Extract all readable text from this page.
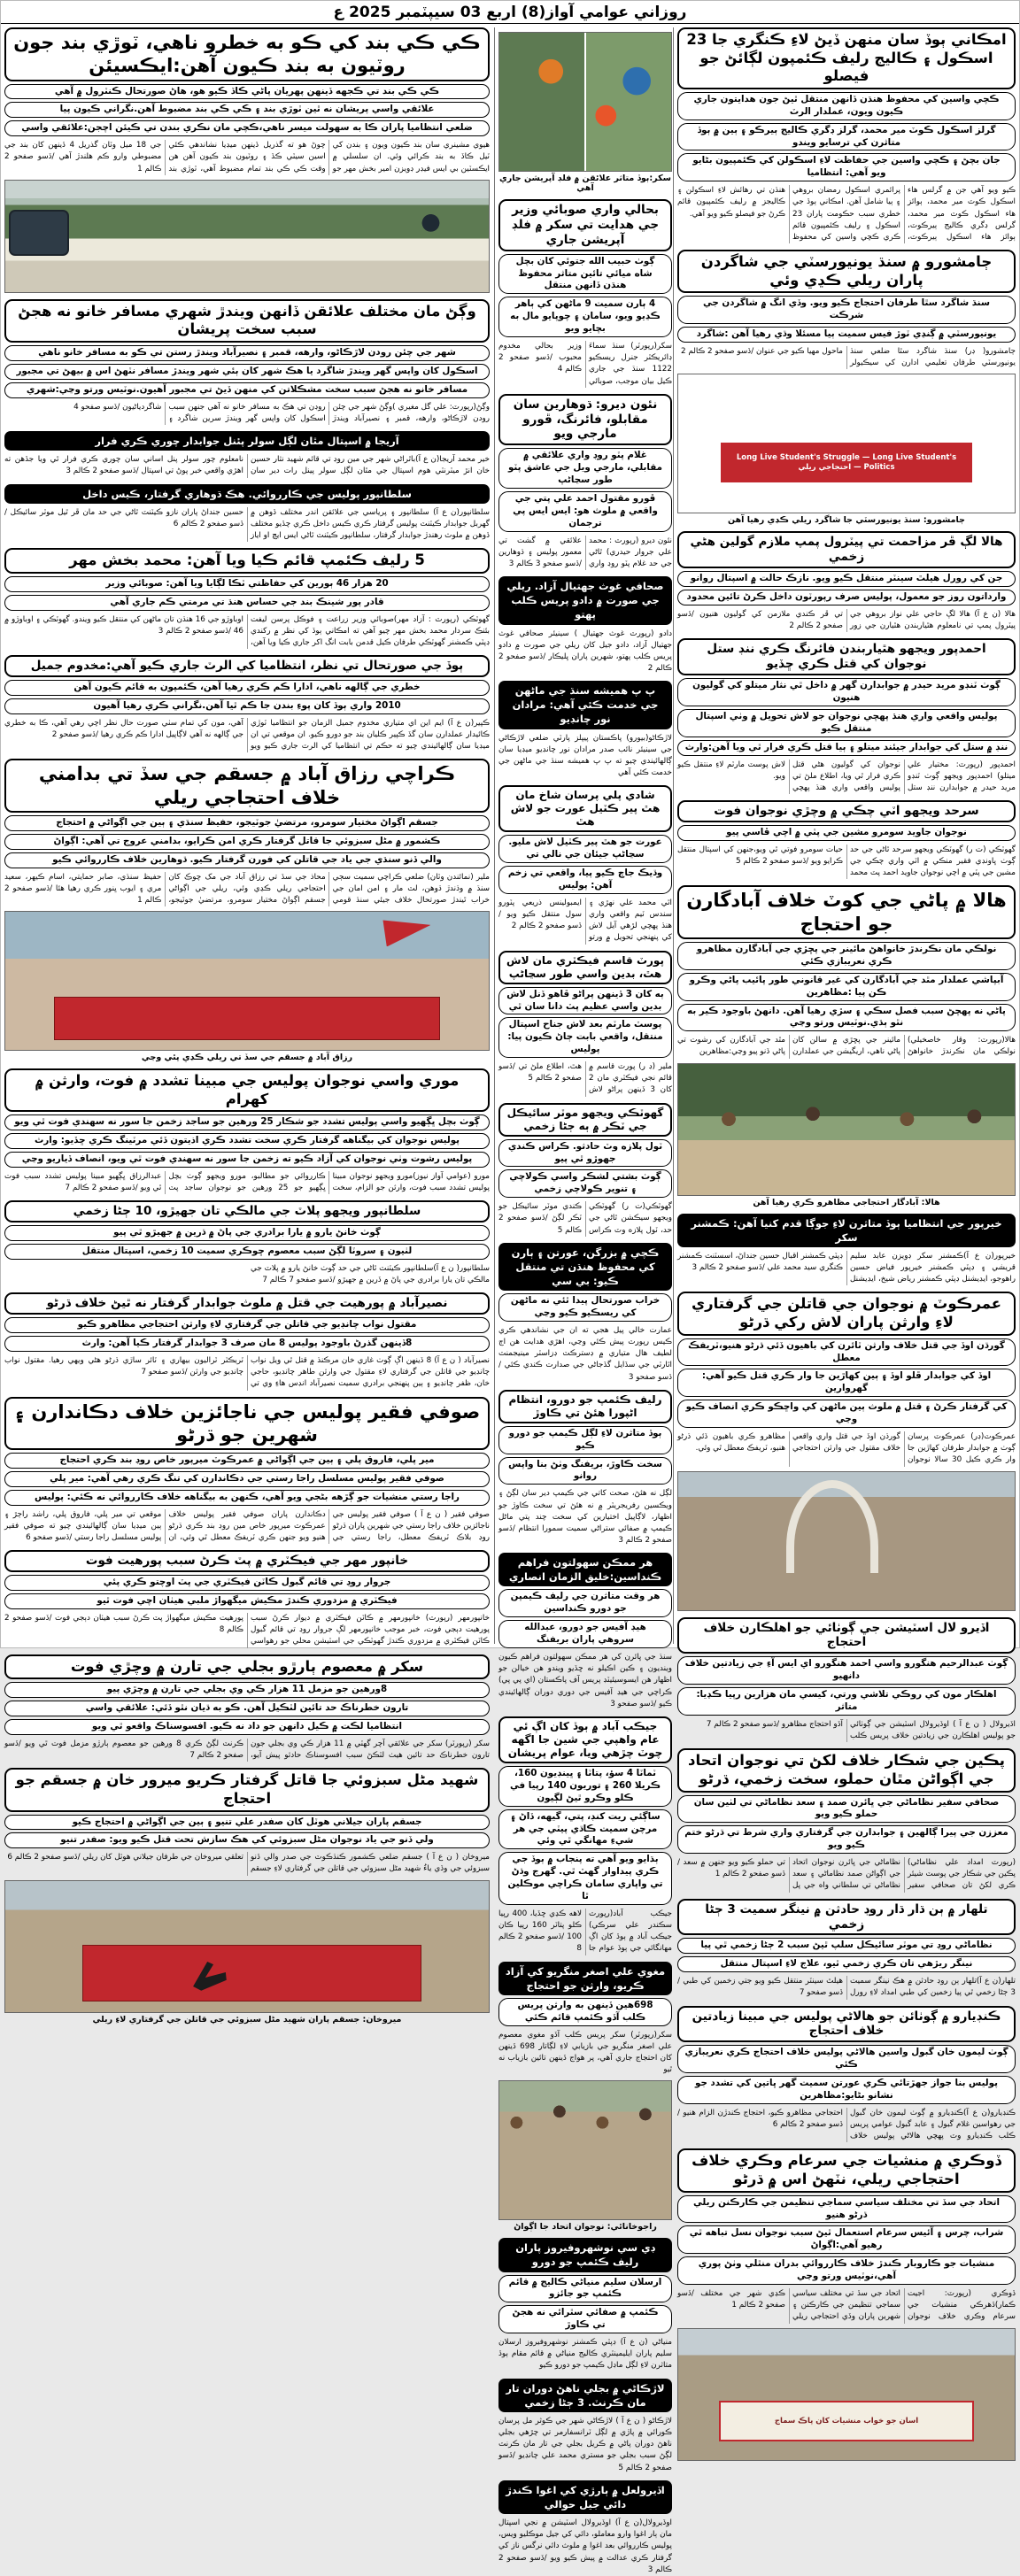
روزاني عوامي آواز(8) اربع 03 سيپٽمبر 2025 ع
امڪاني ٻوڏ سان منهن ڏيڻ لاءِ ڪنگري جا 23 اسڪول ۽ ڪاليج رليف ڪئمپون لڳائڻ جو فيصلو
ڪچي واسين کي محفوظ هنڌن ڏانهن منتقل ٿيڻ جون هدايتون جاري ڪيون ويون، عملدار الرٽ
گرلز اسڪول ڪوٽ مير محمد، گرلز ڊگري ڪاليج ٻيرڪو ۽ ٻين ۾ ٻوڏ متاثرن کي ترسايو ويندو
جان بچڻ ۽ ڪچي واسين جي حفاظت لاءِ اسڪولن کي ڪئمپيون بڻايو ويو آهي: انتظاميا
ڪيو ويو آهي جن ۾ گرلس هاء اسڪول ڪوٽ مير محمد، ٻوائز هاء اسڪول ڪوٽ مير محمد، گرلس ڊگري ڪاليج ٻيرڪوٽ، ٻوائز هاء اسڪول ٻيرڪوٽ، پرائمري اسڪول رمضان بروهي ۽ ٻيا شامل آهن. امڪاني ٻوڏ جي خطري سبب حڪومت پاران 23 اسڪول ۽ رليف ڪئمپيون قائم ڪري ڪچي واسين کي محفوظ هنڌن تي رهائش لاءِ اسڪولن ۽ ڪاليجز ۾ رليف ڪئمپيون قائم ڪرڻ جو فيصلو ڪيو ويو آهي.
ڄامشورو ۾ سنڌ يونيورسٽي جي شاگردن پاران ريلي ڪڍي وئي
سنڌ شاگرد سٿا طرفان احتجاج ڪيو ويو. وڏي انگ ۾ شاگردن جي شرڪت
يونيورسٽي ۾ ڳنڍي ٽوڙ فيس سميت ٻيا مسئلا وڌي رهيا آهن :شاگرد
ڄامشورو( ڊر) سنڌ شاگرد سٿا ضلعي سنڌ يونيورسٽي طرفان تعليمي ادارن کي سيڪيولر ماحول مهيا ڪيو جي عنوان /ڏسو صفحو 2 ڪالم 2
Long Live Student's Struggle — Long Live Student's Politics — احتجاجي ريلي
ڄامشورو: سنڌ يونيورسٽي جا شاگرد ريلي ڪڍي رهيا آهن
هالا لڳ ڦر مزاحمت تي پيٽرول پمپ ملازم گولين هڻي زخمي
جن کي رورل هيلٿ سينٽر منتقل ڪيو ويو. نازڪ حالت ۾ اسپتال روانو
وارداتون روز جو معمول، پوليس صرف رپورٽون داخل ڪرڻ تائين محدود
هالا (ن ع آ) هالا لڳ حاجي علي نواز بروهي جي پيٽرول پمپ تي نامعلوم هٿياربندن هٿيارن جي زور تي ڦر ڪندي ملازمن کي گوليون هنيون /ڏسو صفحو 2 ڪالم 2
احمدپور ويجهو هٿياربندن فائرنگ ڪري ننڊ ستل نوجوان کي قتل ڪري ڇڏيو
ڳوٺ ٽنڊو مريد حيدر ۾ جوابدارن گهر ۾ داخل ٿي نثار ميتلو کي گوليون هنيون
پوليس واقعي واري هنڌ پهچي نوجوان جو لاش تحويل ۾ وٺي اسپتال منتقل ڪيو
ننڊ ۾ ستل کي جوابدار جيئند ميتلو ۽ ٻيا قتل ڪري فرار ٿي ويا آهن:وارث
احمدپور (رپورٽ: مختيار علي ميتلو) احمدپور ويجهو ڳوٺ ٽنڊو مريد حيدر ۾ جوابدارن ننڊ ستل نوجوان کي گوليون هڻي قتل ڪري فرار ٿي ويا، اطلاع ملڻ تي پوليس واقعي واري هنڌ پهچي لاش پوسٽ مارٽم لاءِ منتقل ڪيو ويو.
سرحد ويجهو اٽي چڪي ۾ وچڙي نوجوان فوت
نوجوان جاويد سومرو مشين جي پٽي ۾ اچي ڦاسي پيو
گهوٽڪي (ت ر) گهوٽڪي ويجهو سرحد ٿاڻي جي حد ڳوٺ ڀاونڊي فقير منڪي ۾ اٽي واري چڪي جي مشين جي پٽي ۾ اچي نوجوان جاويد احمد پٽ محمد حيات سومرو فوتي ٿي ويو،جنهن کي اسپتال منتقل ڪرايو ويو /ڏسو صفحو 2 ڪالم 5
هالا ۾ پاڻي جي کوٽ خلاف آبادگارن جو احتجاج
نولڪي مان نڪرندڙ خانواهڻ مائينر جي پڇڙي جي آبادگارن مظاهرو ڪري نعريبازي ڪئي
آبپاشي عملدار مٿد جي آبادگارن کي غير قانوني طور پائيب پاڻي وڪرو ڪن پيا :مظاهرين
پاڻي نه پهچڻ سبب فصل سڪي ۽ سڙي رهيا آهن. دانهڻ باوجود ڪير به نٿو ٻڌي.نوٽيس ورتو وڃي
هالا(رپورٽ: وقار خاصخيلي) نولڪي مان نڪرندڙ خانواهڻ مائينر جي پڇڙي ۾ سالن کان پاڻي ناهي، اريگيشن جي عملدارن مٿد جي آبادگارن کي رشوت تي پاڻي ڏنو پيو وڃي:مظاهرين
هالا: آبادگار احتجاجي مظاهرو ڪري رهيا آهن
خيرپور جي انتظاميا ٻوڏ متاثرن لاءِ جوڳا قدم کنيا آهن: ڪمشنر سکر
خيرپور(ن ع آ)ڪمشنر سکر ڊويزن عابد سليم قريشي ۽ ڊپٽي ڪمشنر خيرپور فياض حسين راهوجو، ايڊيشنل ڊپٽي ڪمشنر رياض شيخ، ايڊيشنل ڊپٽي ڪمشنر اقبال حسين جنداڻ، اسسٽنٽ ڪمشنر ڪنگري سيد محمد علي /ڏسو صفحو 2 ڪالم 3
عمرڪوٽ ۾ نوجوان جي قاتلن جي گرفتاري لاءِ وارثن پاران لاش رکي ڌرڻو
گورڌن اوڏ جي قتل خلاف وارثن ٽائرن کي باهيون ڏئي ڌرڻو هنيو،ٽريفڪ معطل
اوڏ کي جوابدار ڦلو اوڏ ۽ ٻين کهاڙين جا وار ڪري قتل ڪيو آهي: گهروارين
کي گرفتار ڪرڻ ۽ قتل ۾ ملوث ٻين ماڻهن کي واڇڪو ڪري انصاف ڪيو وڃي
عمرڪوٽ(ڊر) عمرڪوٽ پرسان ڳوٺ ۾ جوابدار طرفان کهاڙين جا وار ڪري ڪيل 30 سالا نوجوان گورڌن اوڏ جي قتل واري واقعي خلاف مقتول جي وارثن احتجاجي مظاهرو ڪري باهيون ڏئي ڌرڻو هنيو، ٽريفڪ معطل ٿي وئي.
اڏيرو لال اسٽيشن جي ڳوٺائي جو اهلڪارن خلاف احتجاج
ڳوٺ عبدالرحيم هنگورو واسي احمد هنگورو اي ايس آءِ جي زيادتين خلاف دانهيو
اهلڪار مون کي روڪي تلاشي ورتي، کيسي مان هزارين رپيا ڪڍيا: متاثر
اڏيرولال ( ن ع آ ) اوڏيرولال اسٽيشن جي ڳوٺائي جو پوليس اهلڪارن جي زيادتين خلاف پريس ڪلب آڏو احتجاج مظاهرو /ڏسو صفحو 2 ڪالم 7
پڪين جي شڪار خلاف لکڻ تي نوجوان اتحاد جي اڳواڻن مٿان حملو، سخت زخمي، ڌرڻو
صحافي سفير نظاماڻي جي ڀائرن صمد ۽ سعد نظاماڻي تي لٺين سان حملو ڪيو ويو
معززن جي پيرا ڳالهين ۽ جوابدارن جي گرفتاري واري شرط تي ڌرڻو ختم ڪيو ويو
(رپورٽ امداد علي نظاماڻي) پڪين جي شڪار جي پوسٽ شيئر ڪري لکڻ تان صحافي سفير نظاماڻي جي ڀائرن نوجوان اتحاد جي اڳواڻن صمد نظاماڻي ۽ سعد نظاماڻي تي سلطاني واه جي پل تي حملو ڪيو ويو جنهن ۾ سعد /ڏسو صفحو 2 ڪالم 1
تلهار ۾ ٻن ڌار ڌار روڊ حادثن ۾ نينگر سميت 3 ڄڻا زخمي
نظاماڻي روڊ تي موٽر سائيڪل سلپ ٿيڻ سبب 2 ڄڻا زخمي ٿي پيا
نينگر ريڙهي تان ڪري زخمي ٿيو، علاج لاءِ اسپتال منتقل
تلهار(ن ع آ)تلهار ٻن روڊ حادثن ۾ هڪ نينگر سميت 3 ڄڻا زخمي ٿي پيا زخمين کي طبي امداد لاءِ رورل هيلٿ سينٽر منتقل ڪيو ويو جتي زخمين کي طبي /ڏسو صفحو 7
ڪنڊيارو ۾ ڳوٺائن جو هالاڻي پوليس جي مبينا زيادتين خلاف احتجاج
ڳوٺ ليمون خان گبول واسين هالاڻي پوليس خلاف احتجاج ڪري نعريبازي ڪئي
پوليس بنا جواز جهڙتائي ڪري عورتن سميت گهر ڀاتين کي تشدد جو نشانو بڻايو:مظاهرين
ڪنڊيارو(ن ع آ)ڪنڊيارو ۾ ڳوٺ ليمون خان گبول جي رهواسين غلام گبول ۽ عابد گبول عوامي پريس ڪلب ڪنڊيارو وٽ پهچي هالاڻي پوليس خلاف احتجاجي مظاهرو ڪيو، احتجاج ڪندڙن الزام هنيو /ڏسو صفحو 2 ڪالم 6
ڏوڪري ۾ منشيات جي سرعام وڪري خلاف احتجاجي ريلي، نٽهڻ اس ۾ ڌرڻو
اتحاد جي سڏ تي مختلف سياسي سماجي تنظيمن جي ڪارڪنن ريلي ڌرڻو هنيو
شراب، چرس ۽ آئيس سرعام استعمال ٿيڻ سبب نوجوان نسل تباهه ٿي رهيو آهي:اڳواڻ
منشيات جو ڪاروبار ڪندڙ خلاف ڪارروائي بدران منٿلي وٺڻ پوري آهي،نوٽيس ورتو وڃي
ڏوڪري (رپورٽ: اجيت ڪمار)ڏهرڪي منشيات جي سرعام وڪري خلاف نوجوان اتحاد جي سڏ تي مختلف سياسي سماجي تنظيمن جي ڪارڪنن ۽ شهرين پاران وڏي احتجاجي ريلي ڪڍي شهر جي مختلف /ڏسو صفحو 2 ڪالم 1
اسان جو خواب منشيات کان پاڪ سماج
سکر:ٻوڏ متاثر علائقن ۾ فلڊ آپريشن جاري آهي
بحالي واري صوبائي وزير جي هدايت تي سکر ۾ فلڊ آپريشن جاري
ڳوٺ حبيب الله جتوئي کان بچل شاه ميائي تائين متاثر محفوظ هنڌن ڏانهن منتقل
4 ٻارن سميت 9 ماڻهن کي ٻاهر ڪڍيو ويو، سامان ۽ چوپايو مال به بچايو ويو
سکر(رپورٽر) سنڌ سماءَ ڊائريڪٽر جنرل ريسڪيو 1122 سنڌ جي جاري ڪيل بيان موجب، صوبائي وزير بحالي مخدوم محبوب /ڏسو صفحو 2 ڪالم 4
نئون ديرو: ڌوهارين سان مقابلو، فائرنگ، ڦورو مارجي ويو
غلام پٽو روڊ واري علائقي ۾ مقابلي، مارجي ويل جي عاشق پٽو طور سڃاڻپ
ڦورو مقتول احمد علي پتي جي واقعي ۾ ملوث هو: ايس ايس پي ترجمان
نئون ديرو (رپورٽ : محمد علي جروار حيدري) ٿاڻي جي حد غلام پٽو روڊ واري علائقي ۾ گشت تي معمور پوليس ۽ ڌوهارين /ڏسو صفحو 3 ڪالم 3
صحافي غوث جهتيال آزاد. ريلي جي صورت ۾ دادو پريس ڪلب پهتو
دادو (رپورٽ غوث جهتيال ) سينيئر صحافي غوث جهتيال آزاد، دادو جيل کان ريلي جي صورت ۾ دادو پريس ڪلب پهتو، شهرين پاران ڀليڪار /ڏسو صفحو 2 ڪالم 2
پ پ هميشه سنڌ جي ماڻهن جي خدمت ڪئي آهي: مرادان نور چانڊيو
لاڙڪاڻو(بيورو) پاڪستان پيپلز پارٽي ضلعي لاڙڪاڻي جي سينيئر نائب صدر مرادان نور چانڊيو ميڊيا سان ڳالهائيندي چيو ته پ پ هميشه سنڌ جي ماڻهن جي خدمت ڪئي آهي
شادي پلي پرسان شاخ مان هٿ پير ڪٽيل عورت جو لاش هٿ
عورت جو هٿ پير ڪٽيل لاش مليو. سڃاڻپ جيئان جي نالي تي
وڌيڪ جاچ ڪيو پيا، واقعي تي زخم آهن: پوليس
اٿي محمد علي نهڙي ۽ سندس ٽيم واقعي واري هنڌ پهچي لڙهي آيل لاش کي پنهنجي تحويل ۾ ورتو ايمبولينس ذريعي پٽورو سول منتقل ڪيو ويو /ڏسو صفحو 2 ڪالم 2
پورٽ قاسم فيڪٽري مان لاش هٿ، بدين واسي طور سڃاڻپ
ٻه کان 3 ڏينهن پراڻو ڦاهو ڏنل لاش بدين واسي عظيم پٽ دانا سان ٿي
پوسٽ مارٽم بعد لاش جناح اسپتال منتقل، واقعي بابت ڄاڻ ڪيون پيا: پوليس
ملير (ڊ ر) پورٽ قاسم ۾ قائم نجي فيڪٽري مان 2 کان 3 ڏينهن پراڻو لاش هٿ، اطلاع ملڻ تي /ڏسو صفحو 2 ڪالم 5
گهوٽڪي ويجهو موٽر سائيڪل جي ٽڪر ۾ ٻه ڄڻا زخمي
ٽول پلازه وٽ حادثو. ڪراس ڪندي جهوڙو ٿي پيو
ڳوٺ بشتي لشڪر واسي ڪولاچي ۽ تنوير ڪولاچي زخمي
گهوٽڪي(ت ر) گهوٽڪي ويجهو سيڪشن ٿاڻي جي حد، ٽول پلازه وٽ ڪراس ڪندي موٽر سائيڪل جو ٽڪر لڳڻ /ڏسو صفحو 2 ڪالم 5
ڪچي ۾ بزرگن، عورتن ۽ ٻارن کي محفوظ هنڌن تي منتقل ڪيو: بي سي
خراب صورتحال پيدا ٿئي نه ماڻهن کي ريسڪيو ڪيو وڃي
عمارت خالي پيل هجي ته ان جي نشاندهي ڪري ڪيس رپورٽ پيش ڪئي وڃي، اهڙي هدايت هن اڄ لطيف هال متياري ۾ ڊسترڪٽ ڊزاسٽر مينيجمنٽ اٿارٽي جي سڏايل گڏجاڻي جي صدارت ڪندي ڪئي /ڏسو صفحو 3
رليف ڪئمپ جو دورو، انتظام اڻپورا هئڻ تي ڪاوڙ
ٻوڏ متاثرن لاءِ لڳل ڪيمپ جو دورو ڪيو
سخت ڪاوڙ، بريفنگ وٺڻ بنا واپس روانو
لڳل نه هئڻ، صحت کاتي جي ڪيمپ دير سان لڳڻ ۽ ويڪسين رفريجريٽر ۾ نه هئڻ تي سخت ڪاوڙ جو اظهار، لاڳاپيل اختيارين کي سخت چند پتي ماڻل ڪيمپ ۾ صفائي ستراڻي سميت سمورا انتظام /ڏسو صفحو 2 ڪالم 3
هر ممڪن سهولتون فراهم ڪنداسين:خليق الزمان انصاري
هر وقت متاثرن جي رليف ڪيمپن جو دورو ڪنداسين
هيڊ آفيس جو دورو، عبدالله سروهي پاران بريفنگ
سنڌ جي ڀائرن کي هر ممڪن سهولتون فراهم ڪيون وينديون ۽ ڪين اڪيلو نه ڇڏيو ويندو هن خيالن جو اظهار هن ايسوسيئيٽڊ پريس آف پاڪستان (اي پي پي) ڪراچي جي هيڊ آفيس جي دوري دوران ڳالهائيندي ڪيو /ڏسو صفحو 3
جيڪب آباد ۾ ٻوڏ کان اڳ ئي عام واهپي جي شين جا اگهه چوٽ چڙهي ويا، عوام پريشان
ٽماٽا 4 سؤ، پتاٽا ۽ ڀينڊيون 160، ڪريلا 260 ۽ توريون 140 رپيا في ڪلو وڪرو ٿيڻ لڳيون
ساڳئي ريت کنڊ، پتي، گيهه، ڏاڻ ۽ مرچن سميت ڪاڌي پيٽي جي هر شيءِ مهانگي ٿي وئي
ٻڌايو ويو آهي ته پنجاب ۾ ٻوڏ جي ڪري پيداوار گهٽ ٿي. گهرج وڌڻ تي واپاري سامان ڪراچي موڪلين ٿا
جيڪب آباد(رپورٽ سڪندر علي سرڪي) جيڪب آباد ۾ ٻوڏ کان اڳ مهانگائي جي ٻوڏ عوام جا لاهه ڪڍي ڇڏيا، 400 رپيا ڪلو پتاٽر 160 رپيا ڪان 100 /ڏسو صفحو 2 ڪالم 8
مغوي علي اصغر منگريو کي آزاد ڪريو، وارثن جو احتجاج
698هين ڏينهن به وارثن پريس ڪلب آڏو ڪئمپ قائم ڪئي
سکر(رپورٽر) سکر پريس ڪلب آڏو مغوي معصوم علي اصغر منگريو جي بازيابي لاءِ لڳاتار 698 ڏينهن کان احتجاج جاري آهي، پر هواج ڏينهن تائين بازياب نه ٿيو
راجوخانائي: نوجوان اتحاد جا اڳواڻ
ڊي سي نوشهروفيروز پاران رليف ڪئمپ جو دورو
ارسلان سليم منياڻي ڪاليج ۾ قائم ڪئمپ جو جائزو
ڪئمپ ۾ صفائي سٿرائي نه هجڻ تي ڪاوڙ
منياڻي (ن ع آ) ڊپٽي ڪمشنر نوشهروفيروز ارسلان سليم پاران ايليمينٽري ڪاليج منياڻي ۾ قائم مقام ٻوڏ متاثرن لاءِ لڳل ماڊل ڪيمپ جو دورو ڪيو
لاڙڪاڻي ۾ بجلي ناهڻ دوران تار مان ڪرنٽ. 3 ڄڻا زخمي
لاڙڪاڻو ( ن ع آ ) لاڙڪاڻي شهر جي ڪوثر مل پرسان ڪورائي ۾ پاڙي ۾ لڳل ٽرانسفارمر تي چڙهي بجلي ناهڻ دوران پاڻي ۾ ڪريل بجلي جي تار مان ڪرنٽ لڳڻ سبب بجلي جو مستري محمد علي چانڊيو /ڏسو صفحو 2 ڪالم 5
اڏيرولعل ۾ ٻارڙي کي اغوا ڪندڙ دائي جيل حوالي
اوڏيرولال(ن ع آ) اوڏيرولال اسٽيشن ۾ نجي اسپتال مان ٻار اغوا وارو معاملو، دائي کي جيل موڪليو ويس، پوليس ڪارروائي بعد اغوا ۾ ملوث دائي نرگس ناز کي گرفتار ڪري عدالت ۾ پيش ڪيو ويو /ڏسو صفحو 2 ڪالم 3
ڪي ڪي بند کي ڪو به خطرو ناهي، ٽوڙي بند جون روٽيون به بند ڪيون آهن:ايڪسيئن
ڪي ڪي بند تي ڪجهه ڏينهن پهريان پاڻي ڪاڏ ڪيو هو، هاڻ صورتحال ڪنٽرول ۾ آهي
علائقي واسي پريشان نه ٿين ٽوڙي بند ۽ ڪي ڪي بند مضبوط آهن.نگراني ڪيون پيا
ضلعي انتظاميا پاران ڪا به سهولت ميسر ناهي،ڪچي مان نڪري بندن تي ڪيئن اچجن:علائقي واسي
هيوي مشينري سان بند ڪيون ويون ۽ بندن کي ٽيل ڪاڏ به بند ڪرائي وئي. ان سلسلي ۾ ايڪسٽين بي ايس فيڊر ڊويزن امير بخش مهر جو چوڻ هو ته گذريل ڏينهن ميڊيا نشاندهي ڪئي اسين سيٽي ڪڏ ۽ روٽيون بند ڪيون آهن هن وقت ڪي ڪي بند تمام مضبوط آهي، ٽوڙي بند جي 18 ميل وٽان گذريل 4 ڏينهن کان بند جي مضبوطي وارو ڪم هلندڙ آهي /ڏسو صفحو 2 ڪالم 1
وڳڻ مان مختلف علائقن ڏانهن ويندڙ شهري مسافر خانو نه هجڻ سبب سخت پريشان
شهر جي چئن رودن لاڙڪاڻو، وارهه، قمبر ۽ نصيرآباد ويندڙ رستن تي ڪو به مسافر خانو ناهي
اسڪول کان واپس گهر ويندڙ شاگرد يا هڪ شهر کان ٻئي شهر ويندڙ مسافر نٽهڻ اس ۾ بيهڻ تي مجبور
مسافر خانو نه هجڻ سبب سخت مشڪلاتن کي منهن ڏيڻ تي مجبور آهيون.نوٽيس ورتو وڃي:شهري
وڳڻ(رپورٽ: علي گل مغيري )وڳڻ شهر جي چئن رودن لاڙڪاڻو، وارهه، قمبر ۽ نصيرآباد ويندڙ روڊن تي هڪ به مسافر خانو نه آهي جنهن سبب اسڪول کان واپس گهر ويندڙ سرين شاگرد ۽ شاگردياڻيون /ڏسو صفحو 4
آريجا ۾ اسپتال مٿان لڳل سولر پئنل جوابدار چوري ڪري فرار
خير محمد آريجا(ن ع آ)باٿراڻي شهر جي مين روڊ تي قائم شهيد نثار حسين خان انڙ ميٽرنٽي هوم اسپتال جي مٿان لڳل سولر پينل رات دير سان نامعلوم چور سولر پنل اساني سان چوري ڪري فرار ٿي ويا جڏهن ته اهڙي واقعي خبر پوڻ تي اسپتال /ڏسو صفحو 2 ڪالم 3
سلطانپور پوليس جي ڪارروائي. هڪ ڌوهاري گرفتار، ڪيس داخل
سلطانپور(ن ع آ) سلطانپور ۽ پرياسي جي علائقن اندر مختلف ڏوهن ۾ گهربل جوابدار ڪيٽنٽ پوليس گرفتار ڪري ڪيس داخل ڪري چڏيو مختلف ڏوهن ۾ ملوث رهندڙ جوابدار گرفتار، سلطانپور ڪيٽنٽ ٿاڻي ايس ايچ او اياز حسين جنداڻ پاران نازو ڪيٽنٽ ٿاڻي جي حد مان ڦر ٿيل موٽر سائيڪل /ڏسو صفحو 2 ڪالم 6
5 رليف ڪئمپ قائم ڪيا ويا آهن: محمد بخش مهر
20 هزار 46 ٻورين کي حفاظتي ٽڪا لڳايا ويا آهن: صوبائي وزير
قادر پور شينڪ بند جي حساس هنڌ تي مرمتي ڪم جاري آهي
گهوٽڪي (رپورٽ : آزاد مهر)صوبائي وزير زراعت ۽ فوڪل پرسن ليفت بئنڪ سردار محمد بخش مهر چيو آهي ته امڪاني ٻوڏ کي نظر ۾ رکندي ڊپٽي ڪمشنر گهوٽڪي طرفان ڪيل قدمن بابت انگ اکر جاري ڪيا ويا آهن، اوباوڙو جي 16 هنڌن تان ماڻهن کي منتقل ڪيو ويندو. گهوٽڪي ۽ اوباوڙو ۾ 46 /ڏسو صفحو 2 ڪالم 3
ٻوڏ جي صورتحال تي نظر، انتظاميا کي الرٽ جاري ڪيو آهي:مخدوم جميل
خطري جي ڳالهه ناهي، ادارا ڪم ڪري رهيا آهن، ڪئمپون به قائم ڪيون آهن
2010 واري ٻوڏ کان پوءِ بندن جا ڪم ٿيا آهن.نگراني ڪري رهيا آهيون
ڪپير(ن ع آ) ايم اين اي متياري مخدوم جميل الزمان جو انتظاميا ٽوڙي ڪائيدار عملدارن سان گڏ ڪپير ڪليان بند جو دورو ڪيو. ان موقعي تي ان ميڊيا سان ڳالهائيندي چيو ته حڪم تي انتظاميا کي الرٽ جاري ڪيو ويو آهي، مون کي تمام سٺي صورت حال نظر اچي رهي آهي، ڪا به خطري جي ڳالهه نه آهي لاڳاپيل ادارا ڪم ڪري رهيا /ڏسو صفحو 2
ڪراچي رزاق آباد ۾ جسقم جي سڏ تي بدامني خلاف احتجاجي ريلي
جسقم اڳواڻ مختيار سومرو، مرتضيٰ جوٽيجو، حفيظ سنڌي ۽ ٻين جي اڳواڻي ۾ احتجاج
ڪشمور ۾ مڻل سبزوئي جا قاتل گرفتار ڪري امن ڪرايو، بدامني عروج تي آهي: اڳواڻ
والي ڏنو سنڌي جي ياد جي قاتلن کي فورن گرفتار ڪيو. ڌوهارين خلاف ڪارروائي ڪيو
ملير (نمائندن وٽان) ضلعي ڪراچي سميت سڄي سنڌ ۾ وڌندڙ ڌوهن، لٽ مار ۽ امن امان جي خراب ٿيندڙ صورتحال خلاف جيئي سنڌ قومي محاذ جي سڏ تي رزاق آباد جي مک چوڪ کان احتجاجي ريلي ڪڍي وئي، ريلي جي اڳواڻي جسقم اڳواڻ مختيار سومرو، مرتضيٰ جوٽيجو، حفيظ سنڌي، صابر حمايتي، اسام ڪيهر، سعيد مري ۽ ايوب ڀنور ڪري رهيا هئا /ڏسو صفحو 2 ڪالم 1
رزاق آباد ۾ جسقم جي سڏ تي ريلي ڪڍي پئي وڃي
موري واسي نوجوان پوليس جي مبينا تشدد ۾ فوت، وارثن ۾ کهرام
ڳوٺ بچل ڀڳهيو واسي پوليس تشدد جو شڪار 25 ورهين جو ساجد زخمن جا سور نه سهندي فوت ٿي ويو
پوليس نوجوان کي بيگناهه گرفتار ڪري سخت تشدد ڪري اذيتون ڏئي مرٽينگ ڪري ڇڏيو: وارث
پوليس رشوت وٺي نوجوان کي آزاد ڪيو ته زخمن جا سور نه سهندي فوت ٿي ويو، انصاف ڏياريو وڃي
مورو (عوامي آواز نيوز)مورو ويجهو نوجوان مبينا پوليس تشدد سبب فوت، وارثن جو الزام، سخت ڪارروائي جو مطالبو، مورو ويجهو ڳوٺ بچل ڀڳهيو جو 25 ورهين جو نوجوان ساجد پٽ عبدالرزاق ڀڳهيو مبينا پوليس تشدد سبب فوت ٿي ويو /ڏسو صفحو 2 ڪالم 7
سلطانپور ويجهو پلاٽ جي مالڪي تان جهيڙو، 10 ڄڻا زخمي
ڳوٺ خانڻ يارو ۾ يارا برادري جي پاڻ ۾ ڌرين ۾ جهيڙو ٿي پيو
لٺيون ۽ سروٽا لڳڻ سبب معصوم ڇوڪري سميت 10 زخمي، اسپتال منتقل
سلطانپور( ن ع آ)سلطانپور ڪيٽنٽ ٿاڻي جي حد ڳوٺ خانڻ يارو ۾ پلاٽ جي مالڪي تان يارا برادري جي پاڻ ۾ ڏرين ۾ جهيڙو /ڏسو صفحو 7 ڪالم 7
نصيرآباد ۾ پورهيت جي قتل ۾ ملوث جوابدار گرفتار نه ٿيڻ خلاف ڌرڻو
مقتول نواب چانڊيو جي قاتلن جي گرفتاري لاءِ وارثن احتجاجي مظاهرو ڪيو
8ڏينهن گذرڻ باوجود پوليس 8 مان صرف 3 جوابدار گرفتار ڪيا آهن: وارث
نصيرآباد ( ن ع آ) 8 ڏينهن اڳ ڳوٺ غازي خان مرڪنڌ ۾ قتل ٿي ويل نواب چانڊيو جي قاتلن جي گرفتاري لاءِ مقتول جي وارثن طاهر چانڊيو، حاجي خان، ظفر چانڊيو ۽ ٻين پنهنجي برادري سميت نصيرآباد انڊس هاءِ وي تي ٽريڪٽر ٽراليون بيهاري ۽ ٽائر ساڙي ڌرڻو هڻي ويهي رهيا. مقتول نواب چانڊيو جي وارثن /ڏسو صفحو 7
صوفي فقير پوليس جي ناجائزين خلاف دڪاندارن ۽ شهرين جو ڌرڻو
مير پلي، فاروق پلي ۽ ٻين جي اڳواڻي ۾ عمرڪوٽ ميرپور خاص روڊ بند ڪري احتجاج
صوفي فقير پوليس مسلسل راجا رستي جي دڪاندارن کي تنگ ڪري رهي آهي: مير پلي
راجا رستي منشيات جو ڳڙهه بڻجي ويو آهي، ڪنهن به بيگناهه خلاف ڪارروائي نه ڪئي: پوليس
صوفي فقير ( ن ع آ ) صوفي فقير پوليس جي ناجائزين خلاف راجا رستي جي شهرين پاران ڌرڻو روڊ بلاڪ ٽريفڪ معطل، راجا رستي جي دڪاندارن پاران صوفي فقير پوليس خلاف عمرڪوٽ ميرپور خاص مين روڊ بند ڪري ڌرڻو هنيو ويو جنهن ڪري ٽريفڪ معطل ٿي وئي، ان موقعي تي مير پلي، فاروق پلي، راشد راڄڙ ۽ ٻين ميڊيا سان ڳالهائيندي چيو ته صوفي فقير پوليس مسلسل راجا رستي /ڏسو صفحو 6
خانپور مهر جي فيڪٽري ۾ پٽ ڪرڻ سبب پورهيت فوت
جروار روڊ تي قائم گبول ڪاٽن فيڪٽري جي پٽ اوچتو ڪري پئي
فيڪٽري ۾ مزدوري ڪندڙ مڪيش ميگهواڙ ملبي هيٺان اچي فوت ٿيو
خانپورمهر (رپورٽ) خانپورمهر ۾ ڪاٽن فيڪٽري ۾ ديوار ڪرڻ سبب پورهيت دٻجي فوت، خبر موجب خانپورمهر لڳ جروار روڊ تي قائم گبول ڪاٽن فيڪٽري ۾ مزدوري ڪندڙ گهوٽڪي جي اسٽيشن محلي جو رهواسي پورهيت مڪيش ميگهواڙ پٽ ڪرڻ سبب هيٺان دٻجي فوت /ڏسو صفحو 2 ڪالم 8
سکر ۾ معصوم ٻارڙو بجلي جي تارن ۾ وچڙي فوت
8ورهين جو مزمل 11 هزار ڪي وي بجلي جي تارن ۾ وچڙي پيو
تارون خطرناڪ حد تائين لٽڪيل آهن. ڪو به ڌيان نٿو ڏئي: علائقي واسي
انتظاميا لڪت ۾ ڪيل دانهن جو داد نه ڪيو. افسوسناڪ واقعو ٿي ويو
سکر (رپورٽر) سکر جي علائقي آچر گهٽي ۾ 11 هزار ڪي وي بجلي جون تارون خطرناڪ حد تائين هيٺ لٽڪڻ سبب افسوسناڪ حادثو پيش آيو، ڪرنٽ لڳڻ ڪري 8 ورهين جو معصوم ٻارڙو مزمل فوت ٿي ويو /ڏسو صفحو 2 ڪالم 7
شهيد مڻل سبزوئي جا قاتل گرفتار ڪريو ميرور خان ۾ جسقم جو احتجاج
جسقم پاران جيلاني هوٽل کان صفدر علي تنيو ۽ ٻين جي اڳواڻي ۾ احتجاج ڪيو
ولي ڏنو جي ياد نوجوان مڻل سبزوئي کي هڪ سازش تحت قتل ڪيو ويو: صفدر تنيو
ميروخان ( ن ع آ ) جسقم ضلعي ڪشمور ڪنڌڪوٽ جي صدر والي ڏنو سبزوئي جي وڏي ياءُ شهيد مڻل سبزوئي جي قاتلن جي گرفتاري لاءِ جسقم تعلقي ميروخان جي طرفان جيلاني هوٽل کان ريلي /ڏسو صفحو 2 ڪالم 6
ميروخان: جسقم پاران شهيد مڻل سبزوئي جي قاتلن جي گرفتاري لاءِ ريلي
